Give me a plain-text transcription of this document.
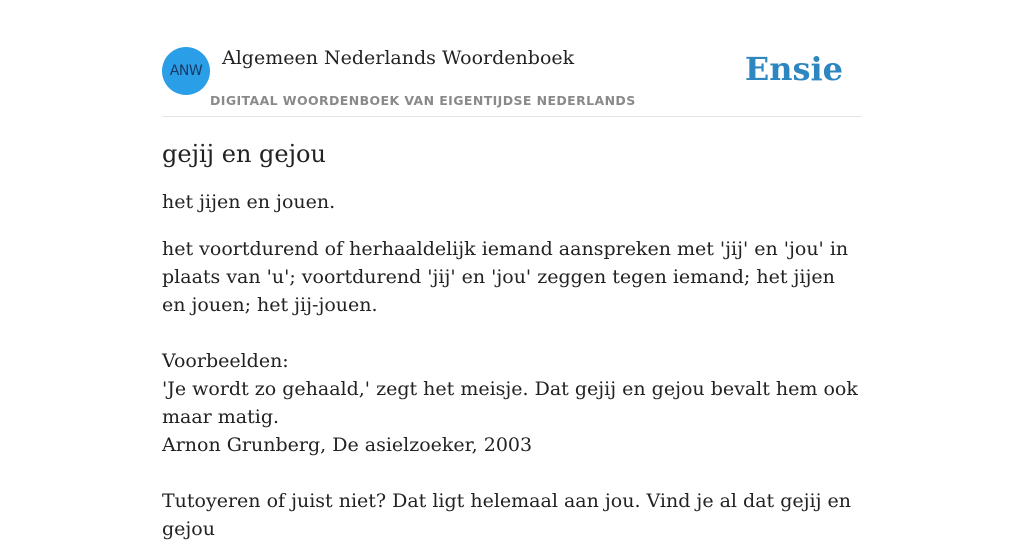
ANW
Algemeen Nederlands Woordenboek
DIGITAAL WOORDENBOEK VAN EIGENTIJDSE NEDERLANDS
Ensie
gejij en gejou

het jijen en jouen.

het voortdurend of herhaaldelijk iemand aanspreken met 'jij' en 'jou' in plaats van 'u'; voortdurend 'jij' en 'jou' zeggen tegen iemand; het jijen en jouen; het jij-jouen.
Voorbeelden:
'Je wordt zo gehaald,' zegt het meisje. Dat gejij en gejou bevalt hem ook maar matig.
Arnon Grunberg, De asielzoeker, 2003
Tutoyeren of juist niet? Dat ligt helemaal aan jou. Vind je al dat gejij en gejou
